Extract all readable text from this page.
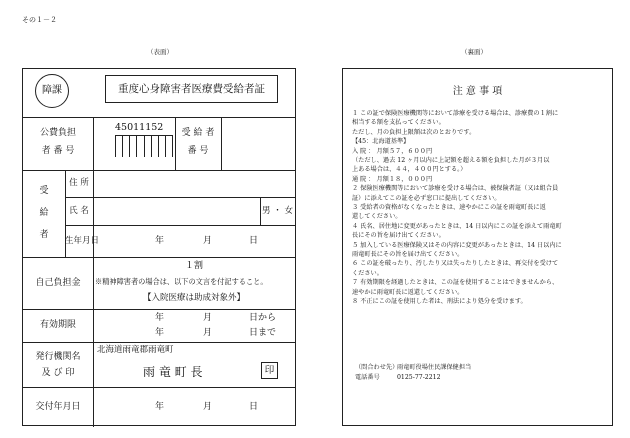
その１－２
（表面）	（裏面）
障課	重度心身障害者医療費受給者証
公費負担
者 番 号
45011152	受 給 者
番 号
受
給
者
住 所
氏 名	男 ・ 女
生年月日	年	月	日
自己負担金
１割
※精神障害者の場合は、以下の文言を付記すること。
【入院医療は助成対象外】
有効期限
年	月	日から
年	月	日まで
発行機関名
及 び 印
北海道雨竜郡雨竜町
雨 竜 町 長	印
交付年月日	年	月	日
注 意 事 項
１ この証で保険医療機関等において診療を受ける場合は、診療費の１割に
相当する額を支払ってください。
ただし、月の負担上限額は次のとおりです。
【45：北海道基準】
入 院 ： 月額５７，６００円
（ただし、過去 12 ヶ月以内に上記額を超える額を負担した月が３月以
上ある場合は、４４，４００円とする。）
通 院 ： 月額１８，０００円
２ 保険医療機関等において診療を受ける場合は、被保険者証（又は組合員
証）に添えてこの証を必ず窓口に提出してください。
３ 受給者の資格がなくなったときは、速やかにこの証を雨竜町長に返
還してください。
４ 氏名、居住地に変更があったときは、14 日以内にこの証を添えて雨竜町
長にその旨を届け出てください。
５ 加入している医療保険又はその内容に変更があったときは、14 日以内に
雨竜町長にその旨を届け出てください。
６ この証を破ったり、汚したり又は失ったりしたときは、再交付を受けて
ください。
７ 有効期限を経過したときは、この証を使用することはできませんから、
速やかに雨竜町長に返還してください。
８ 不正にこの証を使用した者は、刑法により処分を受けます。
（問合わせ先）
雨竜町役場住民課保健担当
電話番号	0125-77-2212
